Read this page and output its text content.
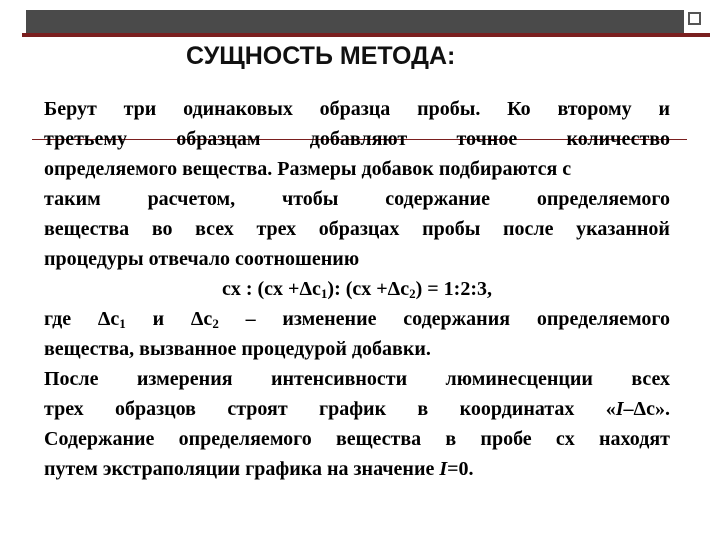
СУЩНОСТЬ МЕТОДА:
Берут три одинаковых образца пробы. Ко второму и
третьему образцам добавляют точное количество
определяемого вещества. Размеры добавок подбираются с
таким расчетом, чтобы содержание определяемого
вещества во всех трех образцах пробы после указанной
процедуры отвечало соотношению
cx : $(cx +\Delta c_1)$: $(cx +\Delta c_2)$ = 1:2:3,
где $\Delta c_1$ и $\Delta c_2$ – изменение содержания определяемого
вещества, вызванное процедурой добавки.
После измерения интенсивности люминесценции всех
трех образцов строят график в координатах «I–Δc».
Содержание определяемого вещества в пробе cx находят
путем экстраполяции графика на значение
I =0.
